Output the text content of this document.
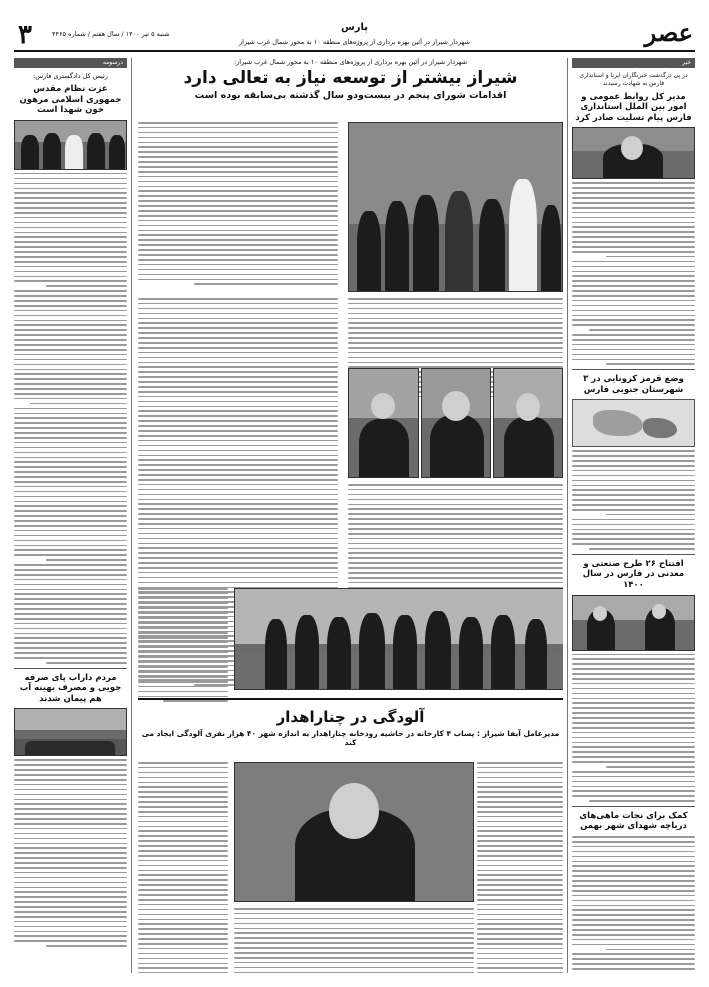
عصر
پارس
شهردار شیراز در آئین بهره برداری از پروژه‌های منطقه ۱۰ به محور شمال غرب شیراز
۳	شنبه ۵ تیر ۱۴۰۰ / سال هفتم / شماره ۴۴۶۵
خبر
در پی درگذشت خبرنگاران ایرنا و استانداری فارس به شهادت رسیدند
مدیر کل روابط عمومی و امور بین الملل استانداری فارس پیام تسلیت صادر کرد
وضع قرمز کرونایی در ۳ شهرستان جنوبی فارس
افتتاح ۲۶ طرح صنعتی و معدنی در فارس در سال ۱۴۰۰
کمک برای نجات ماهی‌های دریاچه شهدای شهر بهمن
درسومه
رئیس کل دادگستری فارس:
عزت نظام مقدس جمهوری اسلامی مرهون خون شهدا است
مردم داراب پای صرفه جویی و مصرف بهینه آب هم پیمان شدند
شهردار شیراز در آئین بهره برداری از پروژه‌های منطقه ۱۰ به محور شمال غرب شیراز:
شیراز بیشتر از توسعه نیاز به تعالی دارد
اقدامات شورای پنجم در بیست‌ودو سال گذشته بی‌سابقه بوده است
آلودگی در چناراهدار
مدیرعامل آبفا شیراز : پساب ۴ کارخانه در حاشیه رودخانه چناراهدار به اندازه شهر ۴۰ هزار نفری آلودگی ایجاد می کند
